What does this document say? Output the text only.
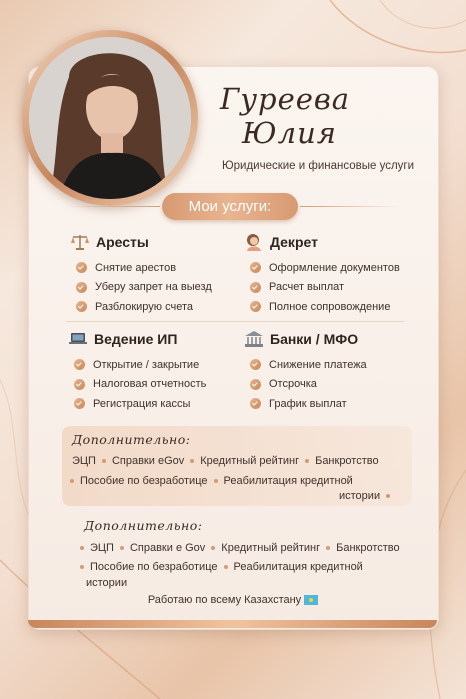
Гуреева
Юлия
Юридические и финансовые услуги
Мои услуги:
Аресты
Снятие арестов
Уберу запрет на выезд
Разблокирую счета
Декрет
Оформление документов
Расчет выплат
Полное сопровождение
Ведение ИП
Открытие / закрытие
Налоговая отчетность
Регистрация кассы
Банки / МФО
Снижение платежа
Отсрочка
График выплат
Дополнительно:
ЭЦП Справки eGov Кредитный рейтинг Банкротство
Пособие по безработице Реабилитация кредитной
истории
Дополнительно:
ЭЦП Справки e Gov Кредитный рейтинг Банкротство
Пособие по безработице Реабилитация кредитной
истории
Работаю по всему Казахстану
